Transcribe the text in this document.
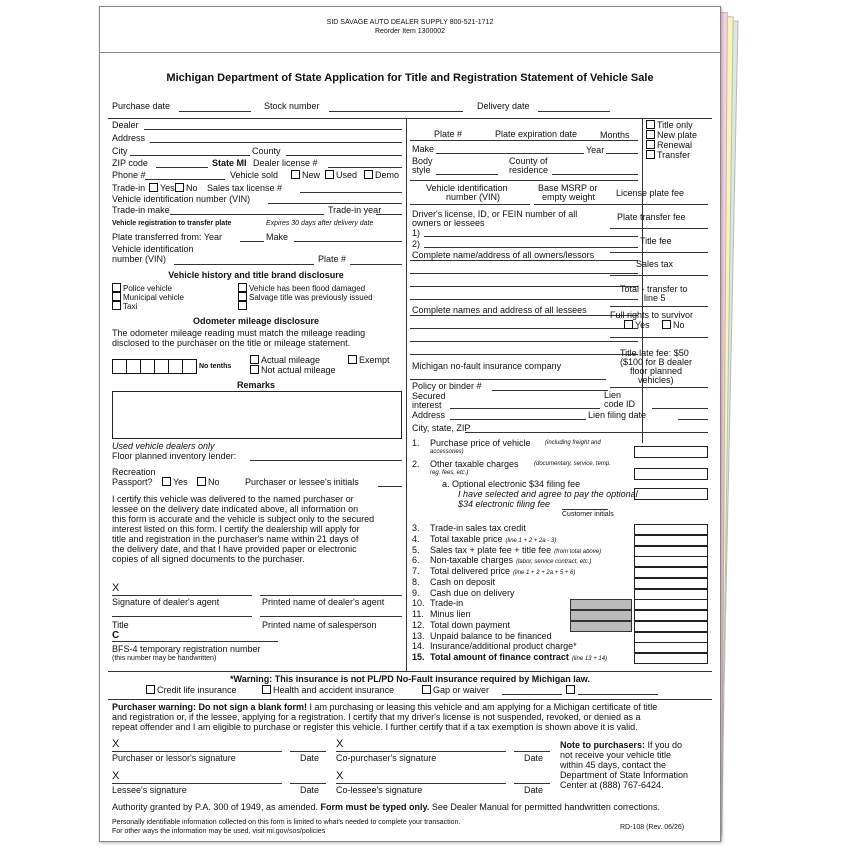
SID SAVAGE AUTO DEALER SUPPLY 800-521-1712
Reorder Item 1300002
Michigan Department of State Application for Title and Registration Statement of Vehicle Sale
Purchase date	Stock number	Delivery date
Dealer
Address
City	County
ZIP code	State MI Dealer license #
Phone #	Vehicle sold	New	Used	Demo
Trade-in	Yes	No Sales tax license #
Vehicle identification number (VIN)
Trade-in make	Trade-in year
Vehicle registration to transfer plate	Expires 30 days after delivery date
Plate transferred from: Year	Make
Vehicle identification
number (VIN)	Plate #
Vehicle history and title brand disclosure
Police vehicle
Municipal vehicle
Taxi
Vehicle has been flood damaged
Salvage title was previously issued
Odometer mileage disclosure
The odometer mileage reading must match the mileage reading
disclosed to the purchaser on the title or mileage statement.
No tenths
Actual mileage	Exempt
Not actual mileage
Remarks
Used vehicle dealers only
Floor planned inventory lender:
Recreation
Passport?	Yes	No	Purchaser or lessee's initials
I certify this vehicle was delivered to the named purchaser or
lessee on the delivery date indicated above, all information on
this form is accurate and the vehicle is subject only to the secured
interest listed on this form. I certify the dealership will apply for
title and registration in the purchaser's name within 21 days of
the delivery date, and that I have provided paper or electronic
copies of all signed documents to the purchaser.
X
Signature of dealer's agent	Printed name of dealer's agent
Title	Printed name of salesperson
C
BFS-4 temporary registration number
(this number may be handwritten)
Plate #	Plate expiration date	Months
Title only
New plate
Renewal
Transfer
Make	Year
Body
style
County of
residence
Vehicle identification
number (VIN)
Base MSRP or
empty weight
Driver's license, ID, or FEIN number of all
owners or lessees
1)
2)
Complete name/address of all owners/lessors
Complete names and address of all lessees
License plate fee
Plate transfer fee
Title fee
Sales tax
Total - transfer to
line 5
Full rights to survivor
Yes	No
Title late fee: $50
($100 for B dealer
floor planned
vehicles)
Michigan no-fault insurance company
Policy or binder #
Secured
interest
Lien
code ID
Address	Lien filing date
City, state, ZIP
1. Purchase price of vehicle (including freight and
accessories)
2. Other taxable charges	(documentary, service, temp.
reg. fees, etc.)
a. Optional electronic $34 filing fee
I have selected and agree to pay the optional
$34 electronic filing fee
Customer initials
3. Trade-in sales tax credit
4. Total taxable price (line 1 + 2 + 2a - 3)
5. Sales tax + plate fee + title fee (from total above)
6. Non-taxable charges (labor, service contract, etc.)
7. Total delivered price (line 1 + 2 + 2a + 5 + 6)
8. Cash on deposit
9. Cash due on delivery
10. Trade-in
11. Minus lien
12. Total down payment
13. Unpaid balance to be financed
14. Insurance/additional product charge*
15. Total amount of finance contract (line 13 + 14)
*Warning: This insurance is not PL/PD No-Fault insurance required by Michigan law.
Credit life insurance	Health and accident insurance	Gap or waiver
Purchaser warning: Do not sign a blank form! I am purchasing or leasing this vehicle and am applying for a Michigan certificate of title
and registration or, if the lessee, applying for a registration. I certify that my driver's license is not suspended, revoked, or denied as a
repeat offender and I am eligible to purchase or register this vehicle. I further certify that if a tax exemption is shown above it is valid.
X	X
Purchaser or lessor's signature	Date Co-purchaser's signature	Date
X	X
Lessee's signature	Date Co-lessee's signature	Date
Note to purchasers: If you do
not receive your vehicle title
within 45 days, contact the
Department of State Information
Center at (888) 767-6424.
Authority granted by P.A. 300 of 1949, as amended. Form must be typed only. See Dealer Manual for permitted handwritten corrections.
Personally identifiable information collected on this form is limited to what's needed to complete your transaction.
For other ways the information may be used, visit mi.gov/sos/policies
RD-108 (Rev. 06/26)
